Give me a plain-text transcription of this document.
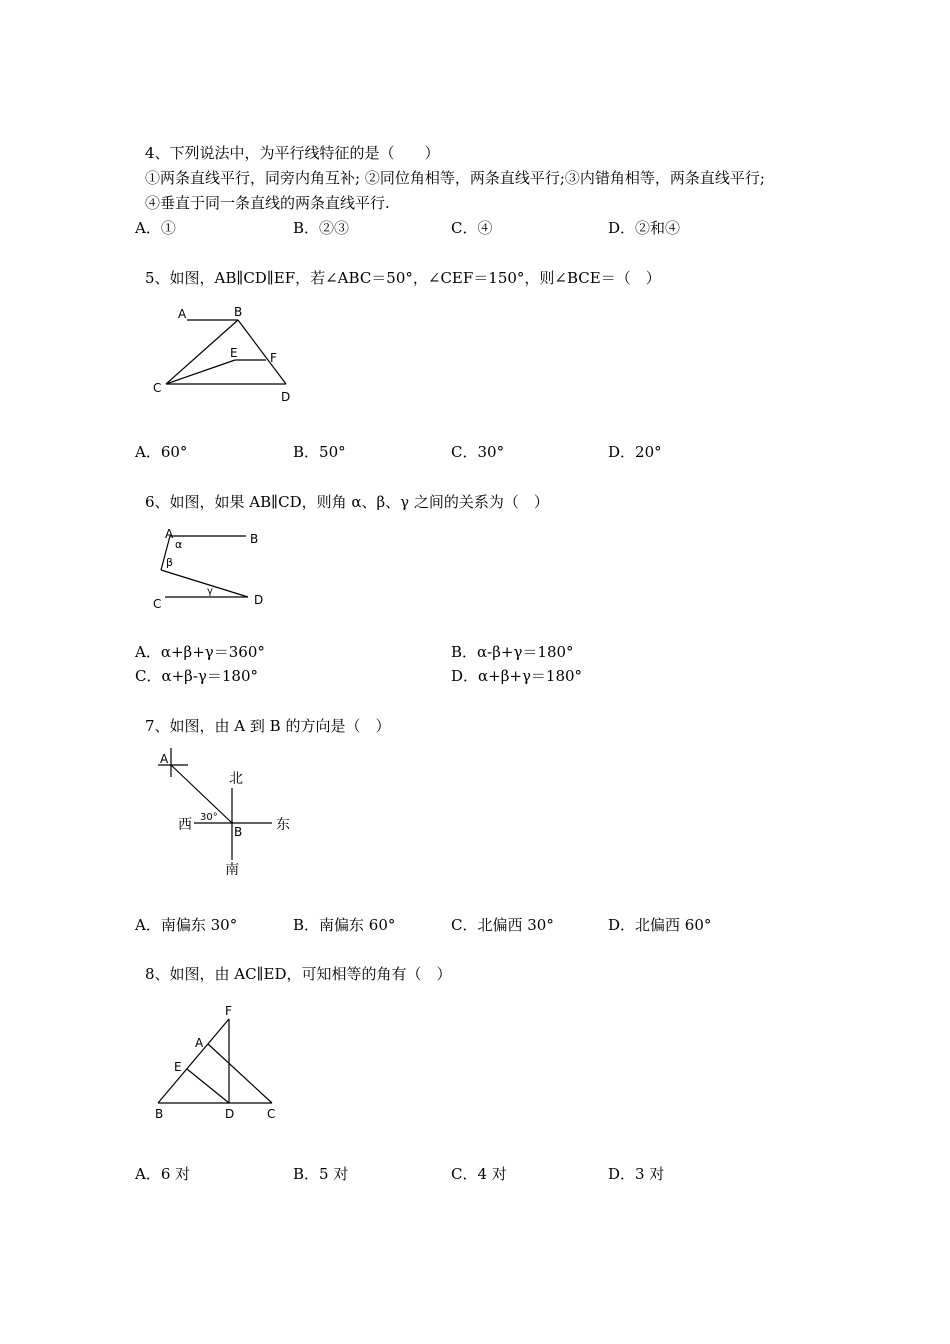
4、下列说法中，为平行线特征的是（　　）
①两条直线平行，同旁内角互补; ②同位角相等，两条直线平行;③内错角相等，两条直线平行;
④垂直于同一条直线的两条直线平行.
A．①	B．②③	C．④	D．②和④
5、如图，AB∥CD∥EF，若∠ABC＝50°，∠CEF＝150°，则∠BCE＝（　）
A	B
C
D
E	F
A．60°	B．50°	C．30°	D．20°
6、如图，如果 AB∥CD，则角 α、β、γ 之间的关系为（　）
A	B
C	D
α
β
γ
A．α+β+γ＝360°	B．α-β+γ＝180°
C．α+β-γ＝180°	D．α+β+γ＝180°
7、如图，由 A 到 B 的方向是（　）
A
B
北
南
西	东
30°
A．南偏东 30°	B．南偏东 60°	C．北偏西 30°	D．北偏西 60°
8、如图，由 AC∥ED，可知相等的角有（　）
F
A
E
B	D	C
A．6 对	B．5 对	C．4 对	D．3 对
